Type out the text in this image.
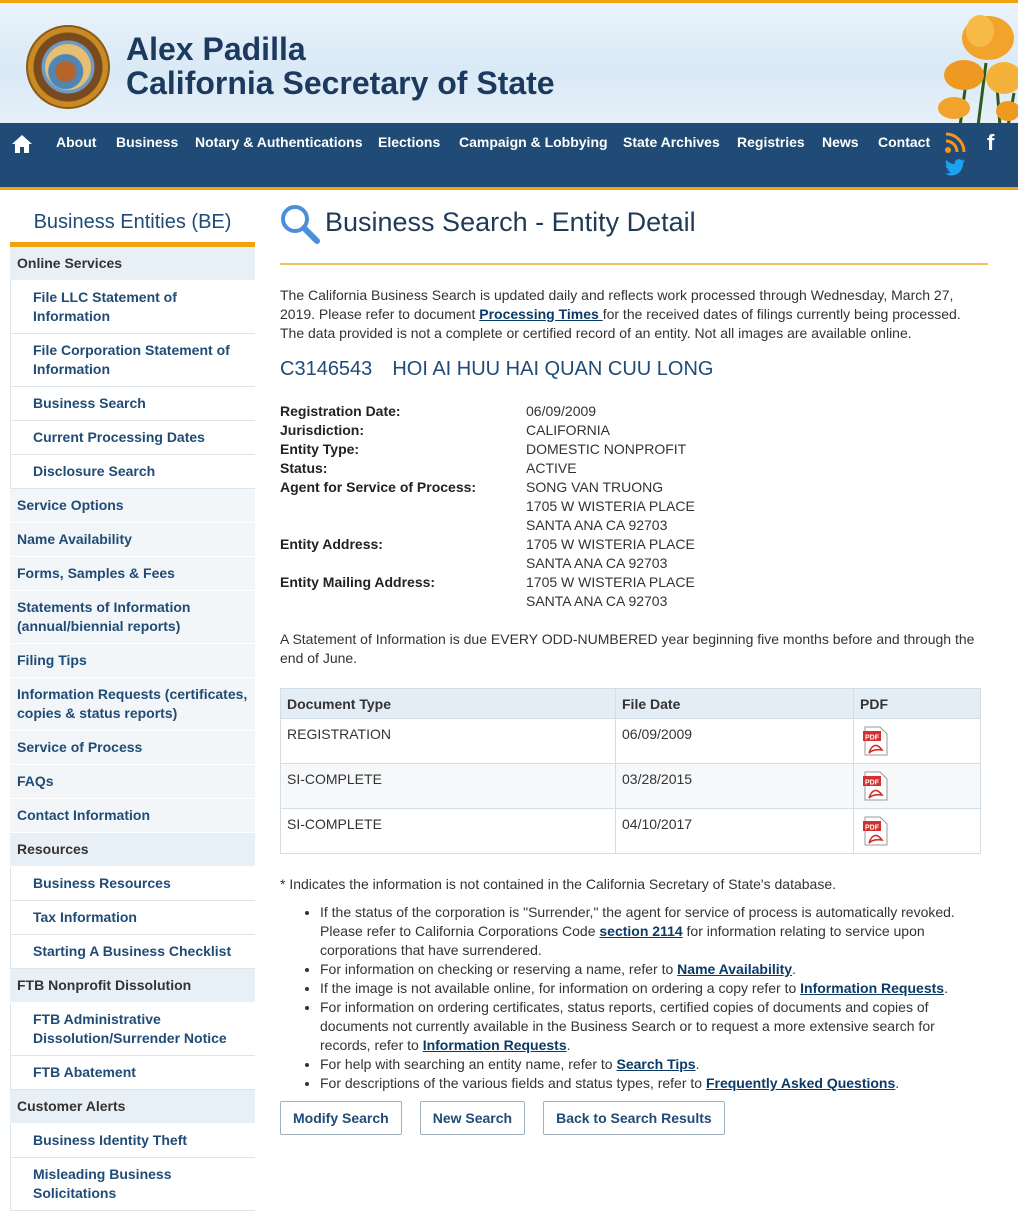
Alex Padilla
California Secretary of State
About Business Notary & Authentications Elections Campaign & Lobbying State Archives Registries News Contact	f
Business Entities (BE)
Online Services
File LLC Statement of Information
File Corporation Statement of Information
Business Search
Current Processing Dates
Disclosure Search
Service Options
Name Availability
Forms, Samples & Fees
Statements of Information (annual/biennial reports)
Filing Tips
Information Requests (certificates, copies & status reports)
Service of Process
FAQs
Contact Information
Resources
Business Resources
Tax Information
Starting A Business Checklist
FTB Nonprofit Dissolution
FTB Administrative Dissolution/Surrender Notice
FTB Abatement
Customer Alerts
Business Identity Theft
Misleading Business Solicitations
Business Search - Entity Detail
The California Business Search is updated daily and reflects work processed through Wednesday, March 27, 2019. Please refer to document Processing Times for the received dates of filings currently being processed. The data provided is not a complete or certified record of an entity. Not all images are available online.
C3146543 HOI AI HUU HAI QUAN CUU LONG
Registration Date:	06/09/2009
Jurisdiction:	CALIFORNIA
Entity Type:	DOMESTIC NONPROFIT
Status:	ACTIVE
Agent for Service of Process:	SONG VAN TRUONG
1705 W WISTERIA PLACE
SANTA ANA CA 92703
Entity Address:	1705 W WISTERIA PLACE
SANTA ANA CA 92703
Entity Mailing Address:	1705 W WISTERIA PLACE
SANTA ANA CA 92703
A Statement of Information is due EVERY ODD-NUMBERED year beginning five months before and through the end of June.
Document Type	File Date	PDF
REGISTRATION	06/09/2009	PDF

SI-COMPLETE	03/28/2015	PDF

SI-COMPLETE	04/10/2017	PDF
* Indicates the information is not contained in the California Secretary of State's database.
• If the status of the corporation is "Surrender," the agent for service of process is automatically revoked. Please refer to California Corporations Code section 2114 for information relating to service upon corporations that have surrendered.
• For information on checking or reserving a name, refer to Name Availability.
• If the image is not available online, for information on ordering a copy refer to Information Requests.
• For information on ordering certificates, status reports, certified copies of documents and copies of documents not currently available in the Business Search or to request a more extensive search for records, refer to Information Requests.
• For help with searching an entity name, refer to Search Tips.
• For descriptions of the various fields and status types, refer to Frequently Asked Questions.
Modify Search	New Search	Back to Search Results
